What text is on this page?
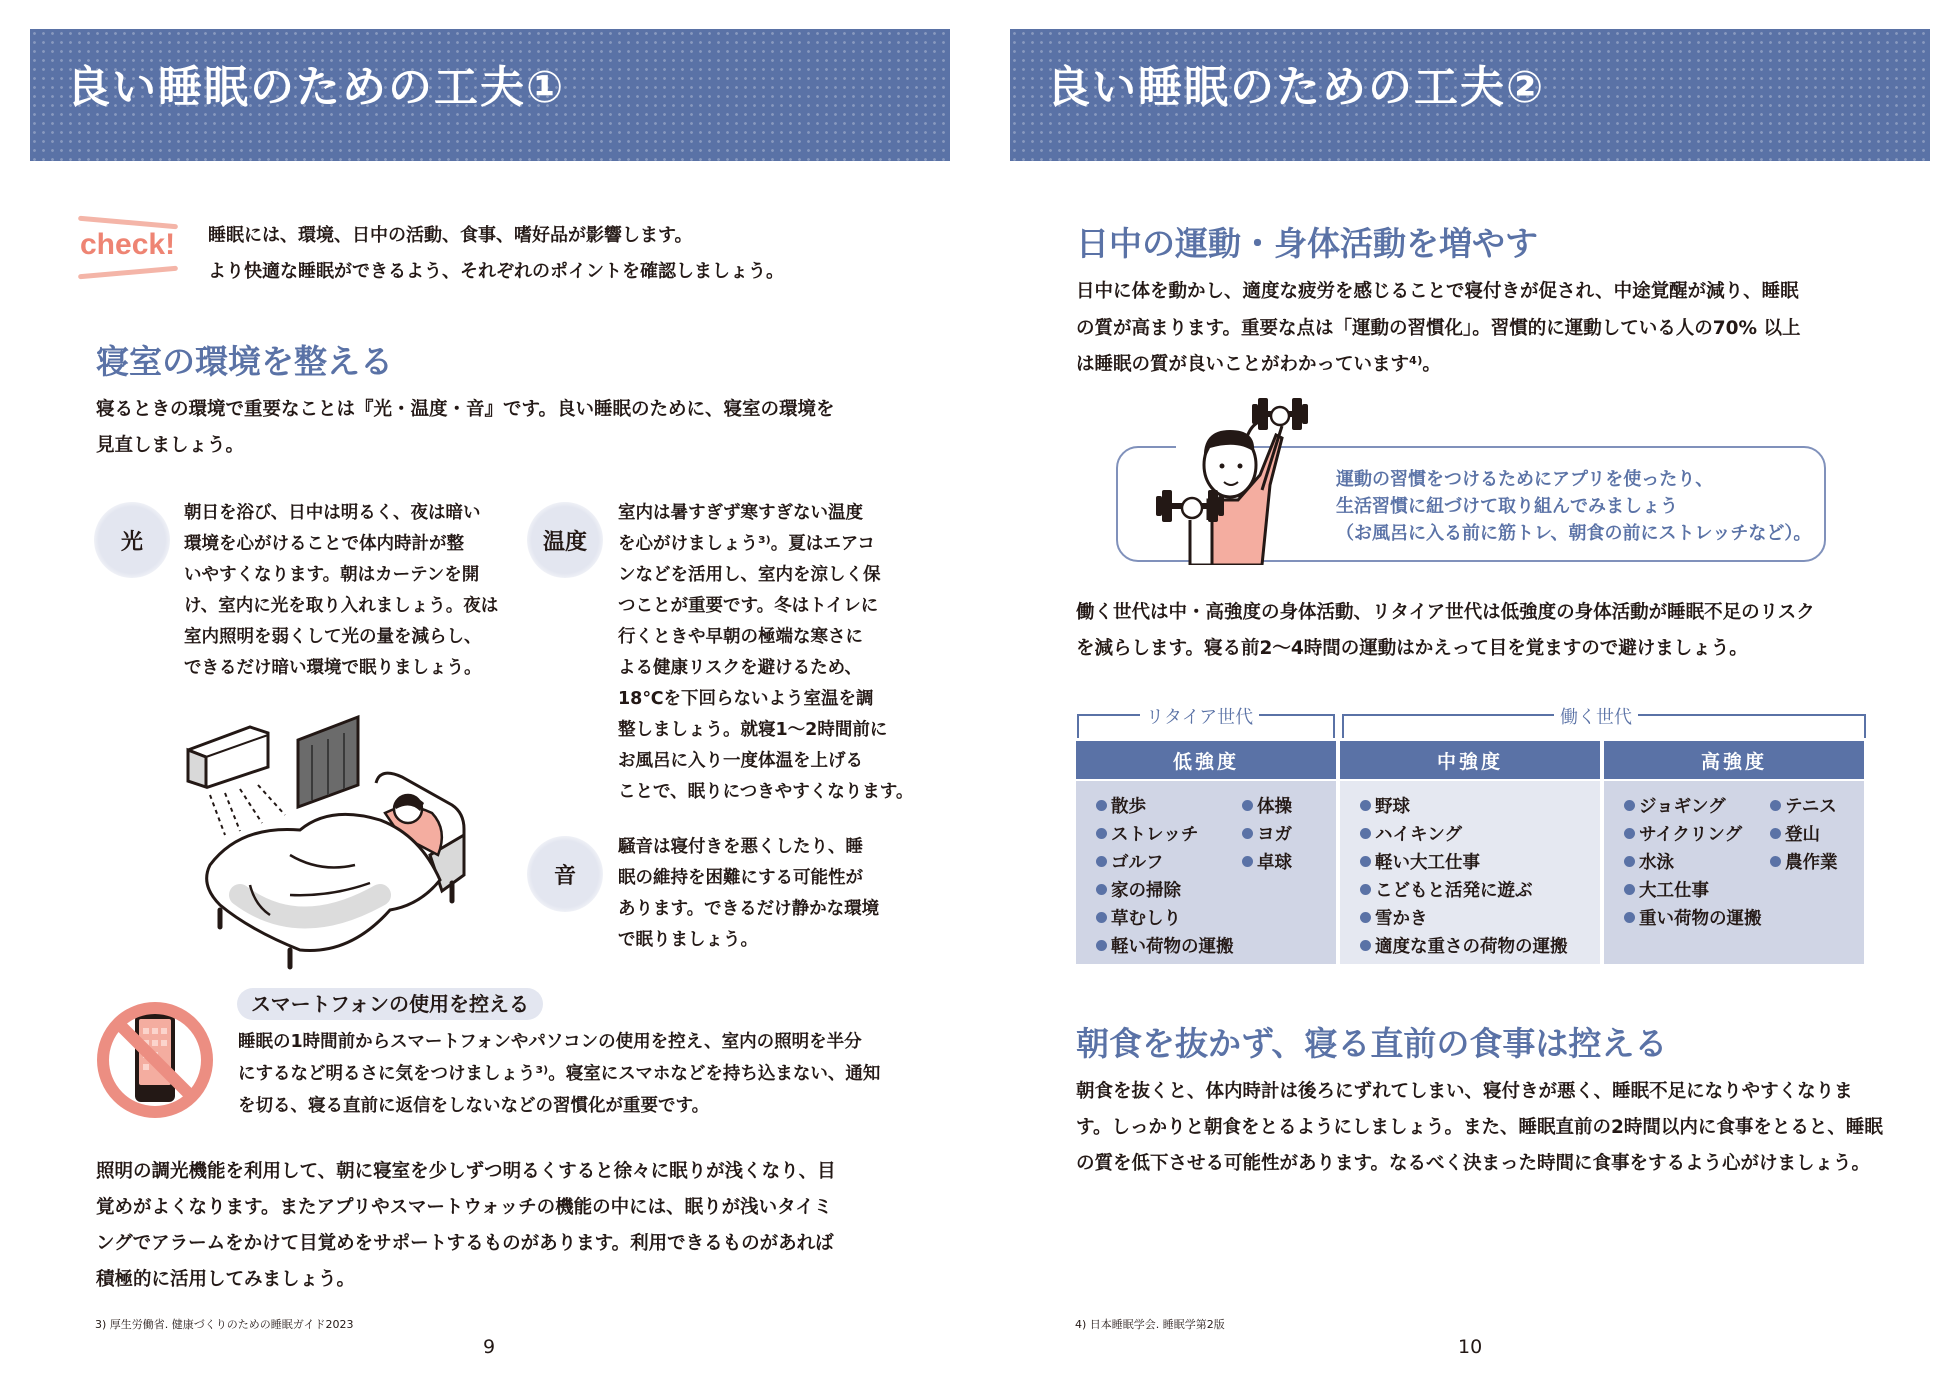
良い睡眠のための工夫①
check! 睡眠には、環境、日中の活動、食事、嗜好品が影響します。
より快適な睡眠ができるよう、それぞれのポイントを確認しましょう。
寝室の環境を整える
寝るときの環境で重要なことは『光・温度・音』です。良い睡眠のために、寝室の環境を
見直しましょう。
光
朝日を浴び、日中は明るく、夜は暗い
環境を心がけることで体内時計が整
いやすくなります。朝はカーテンを開
け、室内に光を取り入れましょう。夜は
室内照明を弱くして光の量を減らし、
できるだけ暗い環境で眠りましょう。
温度
室内は暑すぎず寒すぎない温度
を心がけましょう³⁾。夏はエアコ
ンなどを活用し、室内を涼しく保
つことが重要です。冬はトイレに
行くときや早朝の極端な寒さに
よる健康リスクを避けるため、
18℃を下回らないよう室温を調
整しましょう。就寝1～2時間前に
お風呂に入り一度体温を上げる
ことで、眠りにつきやすくなります。
音
騒音は寝付きを悪くしたり、睡
眠の維持を困難にする可能性が
あります。できるだけ静かな環境
で眠りましょう。
スマートフォンの使用を控える
睡眠の1時間前からスマートフォンやパソコンの使用を控え、室内の照明を半分
にするなど明るさに気をつけましょう³⁾。寝室にスマホなどを持ち込まない、通知
を切る、寝る直前に返信をしないなどの習慣化が重要です。
照明の調光機能を利用して、朝に寝室を少しずつ明るくすると徐々に眠りが浅くなり、目
覚めがよくなります。またアプリやスマートウォッチの機能の中には、眠りが浅いタイミ
ングでアラームをかけて目覚めをサポートするものがあります。利用できるものがあれば
積極的に活用してみましょう。
3) 厚生労働省. 健康づくりのための睡眠ガイド2023
9
良い睡眠のための工夫②
日中の運動・身体活動を増やす
日中に体を動かし、適度な疲労を感じることで寝付きが促され、中途覚醒が減り、睡眠
の質が高まります。重要な点は「運動の習慣化」。習慣的に運動している人の70% 以上
は睡眠の質が良いことがわかっています⁴⁾。
運動の習慣をつけるためにアプリを使ったり、
生活習慣に紐づけて取り組んでみましょう
（お風呂に入る前に筋トレ、朝食の前にストレッチなど）。
働く世代は中・高強度の身体活動、リタイア世代は低強度の身体活動が睡眠不足のリスク
を減らします。寝る前2～4時間の運動はかえって目を覚ますので避けましょう。
リタイア世代	働く世代
低強度
散歩
ストレッチ
ゴルフ
家の掃除
草むしり
軽い荷物の運搬
体操
ヨガ
卓球
中強度
野球
ハイキング
軽い大工仕事
こどもと活発に遊ぶ
雪かき
適度な重さの荷物の運搬
高強度
ジョギング
サイクリング
水泳
大工仕事
重い荷物の運搬
テニス
登山
農作業
朝食を抜かず、寝る直前の食事は控える
朝食を抜くと、体内時計は後ろにずれてしまい、寝付きが悪く、睡眠不足になりやすくなりま
す。しっかりと朝食をとるようにしましょう。また、睡眠直前の2時間以内に食事をとると、睡眠
の質を低下させる可能性があります。なるべく決まった時間に食事をするよう心がけましょう。
4) 日本睡眠学会. 睡眠学第2版
10
